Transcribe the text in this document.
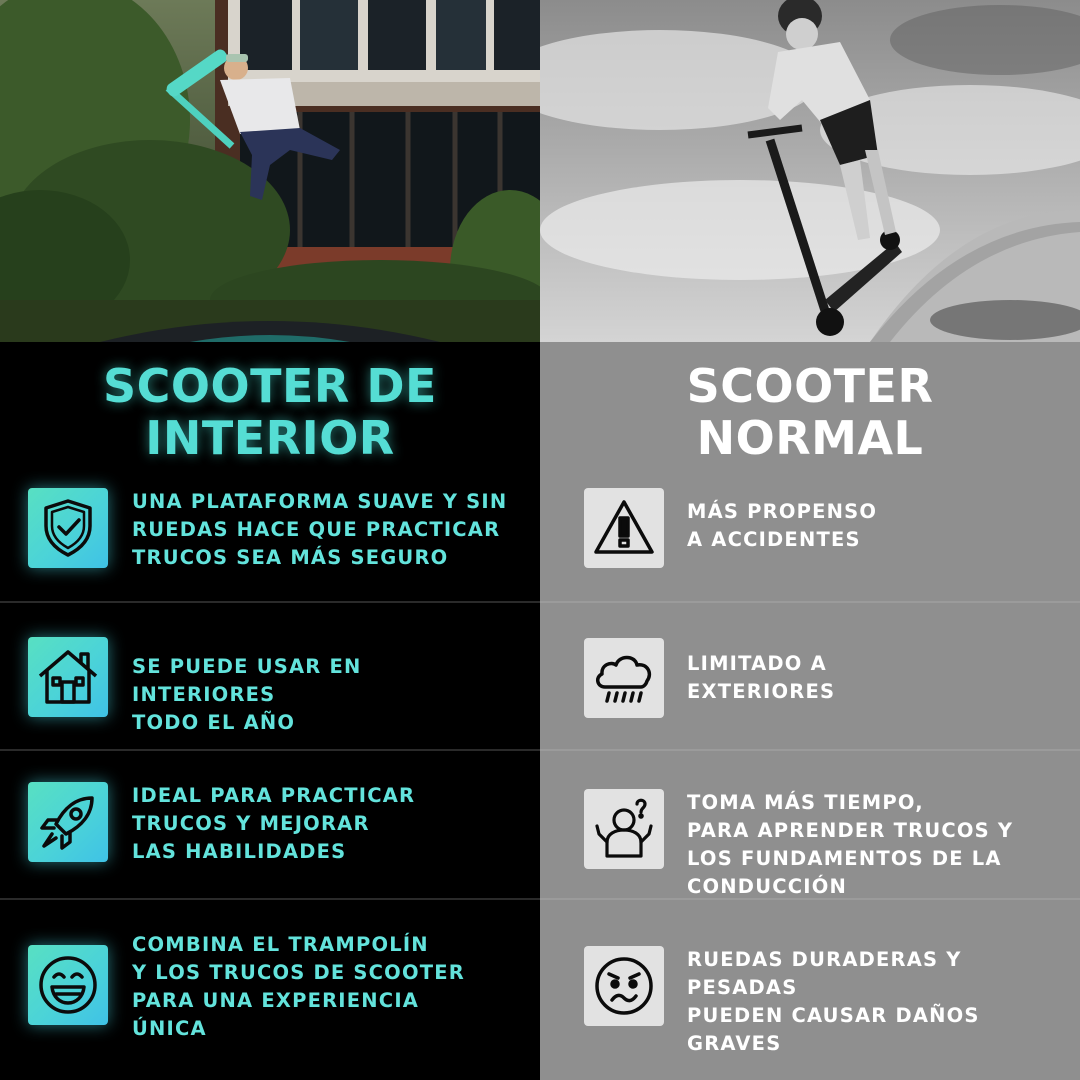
SCOOTER DE
INTERIOR
UNA PLATAFORMA SUAVE Y SIN
RUEDAS HACE QUE PRACTICAR
TRUCOS SEA MÁS SEGURO
SE PUEDE USAR EN
INTERIORES
TODO EL AÑO
IDEAL PARA PRACTICAR
TRUCOS Y MEJORAR
LAS HABILIDADES
COMBINA EL TRAMPOLÍN
Y LOS TRUCOS DE SCOOTER
PARA UNA EXPERIENCIA
ÚNICA
SCOOTER
NORMAL
MÁS PROPENSO
A ACCIDENTES
LIMITADO A
EXTERIORES
TOMA MÁS TIEMPO,
PARA APRENDER TRUCOS Y
LOS FUNDAMENTOS DE LA
CONDUCCIÓN
RUEDAS DURADERAS Y
PESADAS
PUEDEN CAUSAR DAÑOS
GRAVES
